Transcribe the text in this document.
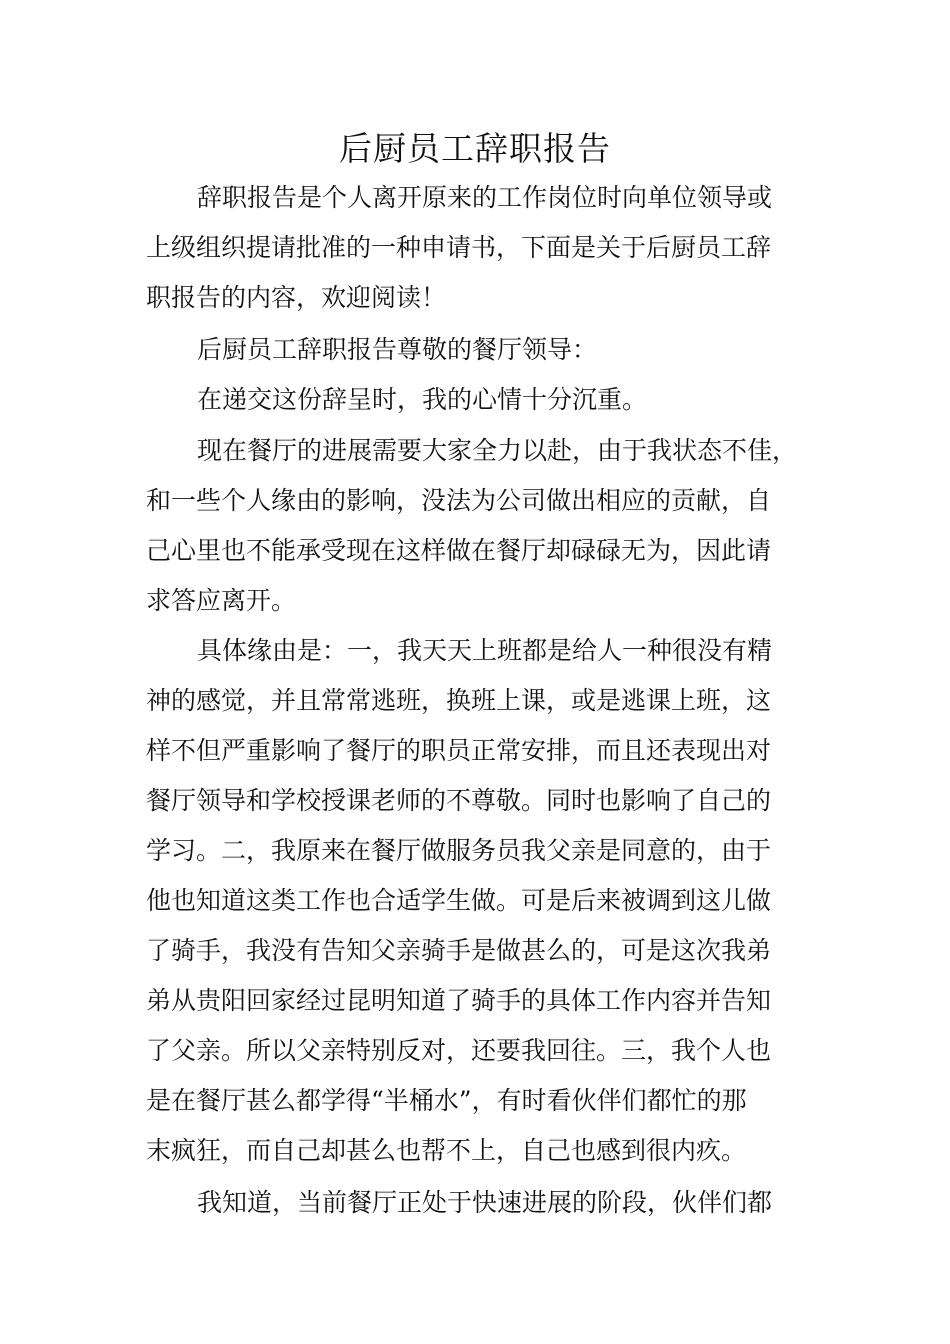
后厨员工辞职报告

辞职报告是个人离开原来的工作岗位时向单位领导或

上级组织提请批准的一种申请书，下面是关于后厨员工辞

职报告的内容，欢迎阅读！

后厨员工辞职报告尊敬的餐厅领导：

在递交这份辞呈时，我的心情十分沉重。

现在餐厅的进展需要大家全力以赴，由于我状态不佳，

和一些个人缘由的影响，没法为公司做出相应的贡献，自

己心里也不能承受现在这样做在餐厅却碌碌无为，因此请

求答应离开。

具体缘由是：一，我天天上班都是给人一种很没有精

神的感觉，并且常常逃班，换班上课，或是逃课上班，这

样不但严重影响了餐厅的职员正常安排，而且还表现出对

餐厅领导和学校授课老师的不尊敬。同时也影响了自己的

学习。二，我原来在餐厅做服务员我父亲是同意的，由于

他也知道这类工作也合适学生做。可是后来被调到这儿做

了骑手，我没有告知父亲骑手是做甚么的，可是这次我弟

弟从贵阳回家经过昆明知道了骑手的具体工作内容并告知

了父亲。所以父亲特别反对，还要我回往。三，我个人也

是在餐厅甚么都学得“半桶水”，有时看伙伴们都忙的那

末疯狂，而自己却甚么也帮不上，自己也感到很内疚。

我知道，当前餐厅正处于快速进展的阶段，伙伴们都
